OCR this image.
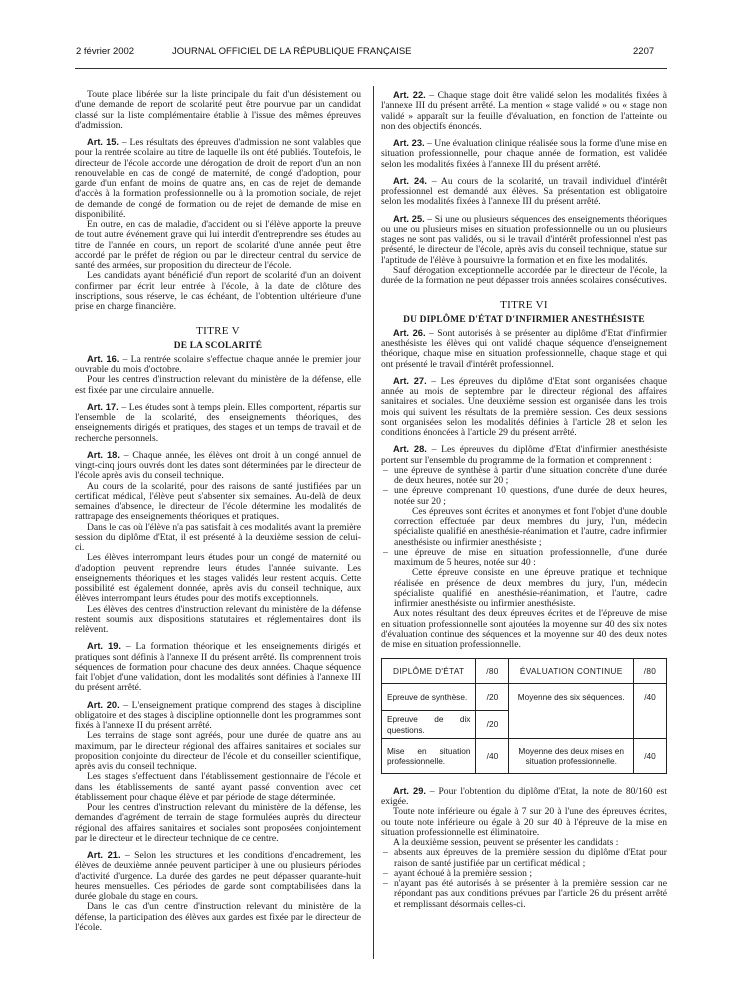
2 février 2002	JOURNAL OFFICIEL DE LA RÉPUBLIQUE FRANÇAISE	2207

Toute place libérée sur la liste principale du fait d'un désistement ou d'une demande de report de scolarité peut être pourvue par un candidat classé sur la liste complémentaire établie à l'issue des mêmes épreuves d'admission.

Art. 15. – Les résultats des épreuves d'admission ne sont valables que pour la rentrée scolaire au titre de laquelle ils ont été publiés. Toutefois, le directeur de l'école accorde une dérogation de droit de report d'un an non renouvelable en cas de congé de maternité, de congé d'adoption, pour garde d'un enfant de moins de quatre ans, en cas de rejet de demande d'accès à la formation professionnelle ou à la promotion sociale, de rejet de demande de congé de formation ou de rejet de demande de mise en disponibilité.

En outre, en cas de maladie, d'accident ou si l'élève apporte la preuve de tout autre événement grave qui lui interdit d'entreprendre ses études au titre de l'année en cours, un report de scolarité d'une année peut être accordé par le préfet de région ou par le directeur central du service de santé des armées, sur proposition du directeur de l'école.

Les candidats ayant bénéficié d'un report de scolarité d'un an doivent confirmer par écrit leur entrée à l'école, à la date de clôture des inscriptions, sous réserve, le cas échéant, de l'obtention ultérieure d'une prise en charge financière.

TITRE V
DE LA SCOLARITÉ

Art. 16. – La rentrée scolaire s'effectue chaque année le premier jour ouvrable du mois d'octobre.

Pour les centres d'instruction relevant du ministère de la défense, elle est fixée par une circulaire annuelle.

Art. 17. – Les études sont à temps plein. Elles comportent, répartis sur l'ensemble de la scolarité, des enseignements théoriques, des enseignements dirigés et pratiques, des stages et un temps de travail et de recherche personnels.

Art. 18. – Chaque année, les élèves ont droit à un congé annuel de vingt-cinq jours ouvrés dont les dates sont déterminées par le directeur de l'école après avis du conseil technique.

Au cours de la scolarité, pour des raisons de santé justifiées par un certificat médical, l'élève peut s'absenter six semaines. Au-delà de deux semaines d'absence, le directeur de l'école détermine les modalités de rattrapage des enseignements théoriques et pratiques.

Dans le cas où l'élève n'a pas satisfait à ces modalités avant la première session du diplôme d'Etat, il est présenté à la deuxième session de celui-ci.

Les élèves interrompant leurs études pour un congé de maternité ou d'adoption peuvent reprendre leurs études l'année suivante. Les enseignements théoriques et les stages validés leur restent acquis. Cette possibilité est également donnée, après avis du conseil technique, aux élèves interrompant leurs études pour des motifs exceptionnels.

Les élèves des centres d'instruction relevant du ministère de la défense restent soumis aux dispositions statutaires et réglementaires dont ils relèvent.

Art. 19. – La formation théorique et les enseignements dirigés et pratiques sont définis à l'annexe II du présent arrêté. Ils comprennent trois séquences de formation pour chacune des deux années. Chaque séquence fait l'objet d'une validation, dont les modalités sont définies à l'annexe III du présent arrêté.

Art. 20. – L'enseignement pratique comprend des stages à discipline obligatoire et des stages à discipline optionnelle dont les programmes sont fixés à l'annexe II du présent arrêté.

Les terrains de stage sont agréés, pour une durée de quatre ans au maximum, par le directeur régional des affaires sanitaires et sociales sur proposition conjointe du directeur de l'école et du conseiller scientifique, après avis du conseil technique.

Les stages s'effectuent dans l'établissement gestionnaire de l'école et dans les établissements de santé ayant passé convention avec cet établissement pour chaque élève et par période de stage déterminée.

Pour les centres d'instruction relevant du ministère de la défense, les demandes d'agrément de terrain de stage formulées auprès du directeur régional des affaires sanitaires et sociales sont proposées conjointement par le directeur et le directeur technique de ce centre.

Art. 21. – Selon les structures et les conditions d'encadrement, les élèves de deuxième année peuvent participer à une ou plusieurs périodes d'activité d'urgence. La durée des gardes ne peut dépasser quarante-huit heures mensuelles. Ces périodes de garde sont comptabilisées dans la durée globale du stage en cours.

Dans le cas d'un centre d'instruction relevant du ministère de la défense, la participation des élèves aux gardes est fixée par le directeur de l'école.

Art. 22. – Chaque stage doit être validé selon les modalités fixées à l'annexe III du présent arrêté. La mention « stage validé » ou « stage non validé » apparaît sur la feuille d'évaluation, en fonction de l'atteinte ou non des objectifs énoncés.

Art. 23. – Une évaluation clinique réalisée sous la forme d'une mise en situation professionnelle, pour chaque année de formation, est validée selon les modalités fixées à l'annexe III du présent arrêté.

Art. 24. – Au cours de la scolarité, un travail individuel d'intérêt professionnel est demandé aux élèves. Sa présentation est obligatoire selon les modalités fixées à l'annexe III du présent arrêté.

Art. 25. – Si une ou plusieurs séquences des enseignements théoriques ou une ou plusieurs mises en situation professionnelle ou un ou plusieurs stages ne sont pas validés, ou si le travail d'intérêt professionnel n'est pas présenté, le directeur de l'école, après avis du conseil technique, statue sur l'aptitude de l'élève à poursuivre la formation et en fixe les modalités.

Sauf dérogation exceptionnelle accordée par le directeur de l'école, la durée de la formation ne peut dépasser trois années scolaires consécutives.

TITRE VI
DU DIPLÔME D'ÉTAT D'INFIRMIER ANESTHÉSISTE

Art. 26. – Sont autorisés à se présenter au diplôme d'Etat d'infirmier anesthésiste les élèves qui ont validé chaque séquence d'enseignement théorique, chaque mise en situation professionnelle, chaque stage et qui ont présenté le travail d'intérêt professionnel.

Art. 27. – Les épreuves du diplôme d'Etat sont organisées chaque année au mois de septembre par le directeur régional des affaires sanitaires et sociales. Une deuxième session est organisée dans les trois mois qui suivent les résultats de la première session. Ces deux sessions sont organisées selon les modalités définies à l'article 28 et selon les conditions énoncées à l'article 29 du présent arrêté.

Art. 28. – Les épreuves du diplôme d'Etat d'infirmier anesthésiste portent sur l'ensemble du programme de la formation et comprennent :

– une épreuve de synthèse à partir d'une situation concrète d'une durée de deux heures, notée sur 20 ;
– une épreuve comprenant 10 questions, d'une durée de deux heures, notée sur 20 ;

Ces épreuves sont écrites et anonymes et font l'objet d'une double correction effectuée par deux membres du jury, l'un, médecin spécialiste qualifié en anesthésie-réanimation et l'autre, cadre infirmier anesthésiste ou infirmier anesthésiste ;

– une épreuve de mise en situation professionnelle, d'une durée maximum de 5 heures, notée sur 40 :

Cette épreuve consiste en une épreuve pratique et technique réalisée en présence de deux membres du jury, l'un, médecin spécialiste qualifié en anesthésie-réanimation, et l'autre, cadre infirmier anesthésiste ou infirmier anesthésiste.

Aux notes résultant des deux épreuves écrites et de l'épreuve de mise en situation professionnelle sont ajoutées la moyenne sur 40 des six notes d'évaluation continue des séquences et la moyenne sur 40 des deux notes de mise en situation professionnelle.

DIPLÔME D'ÉTAT	/80	ÉVALUATION CONTINUE	/80
Epreuve de synthèse.	/20	Moyenne des six séquences.	/40
Epreuve de dix questions.	/20		
Mise en situation professionnelle.	/40	Moyenne des deux mises en situation professionnelle.	/40

Art. 29. – Pour l'obtention du diplôme d'Etat, la note de 80/160 est exigée.

Toute note inférieure ou égale à 7 sur 20 à l'une des épreuves écrites, ou toute note inférieure ou égale à 20 sur 40 à l'épreuve de la mise en situation professionnelle est éliminatoire.

A la deuxième session, peuvent se présenter les candidats :

– absents aux épreuves de la première session du diplôme d'Etat pour raison de santé justifiée par un certificat médical ;
– ayant échoué à la première session ;
– n'ayant pas été autorisés à se présenter à la première session car ne répondant pas aux conditions prévues par l'article 26 du présent arrêté et remplissant désormais celles-ci.
